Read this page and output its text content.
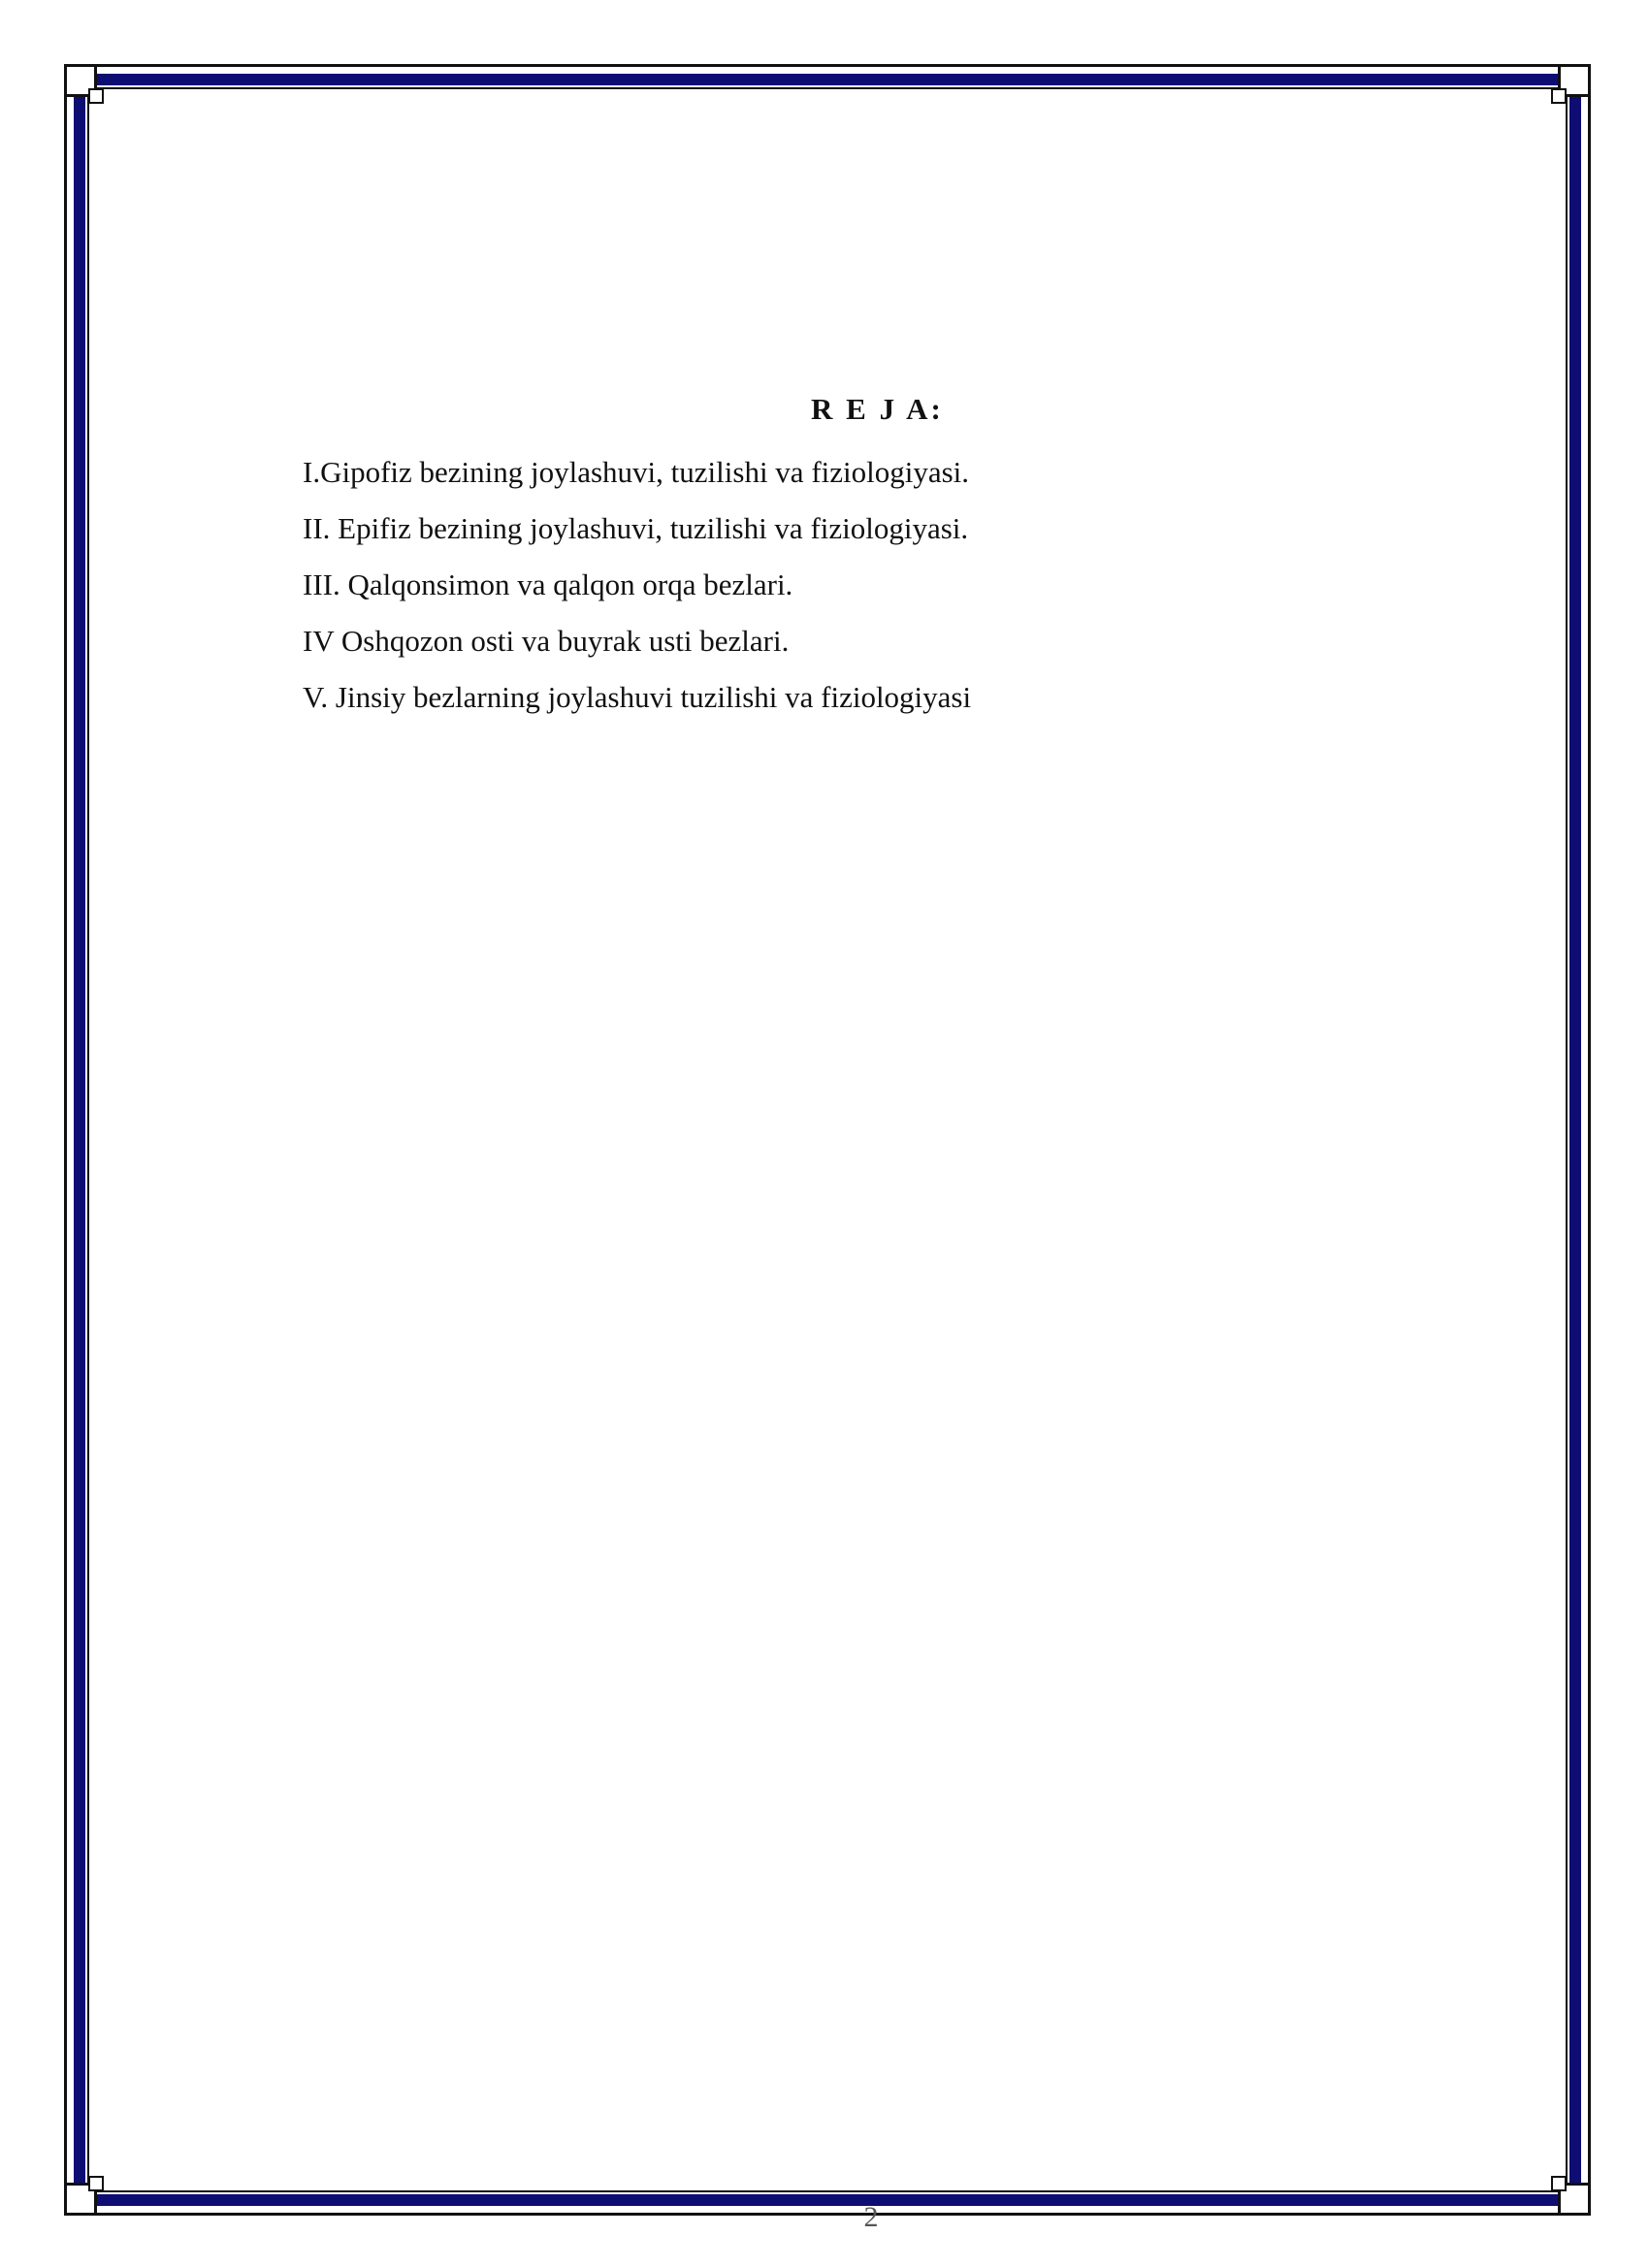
R E J A:
I.Gipofiz bezining joylashuvi, tuzilishi va fiziologiyasi.
II. Epifiz bezining joylashuvi, tuzilishi va fiziologiyasi.
III. Qalqonsimon va qalqon orqa bezlari.
IV Oshqozon osti va buyrak usti bezlari.
V. Jinsiy bezlarning joylashuvi tuzilishi va fiziologiyasi
2
